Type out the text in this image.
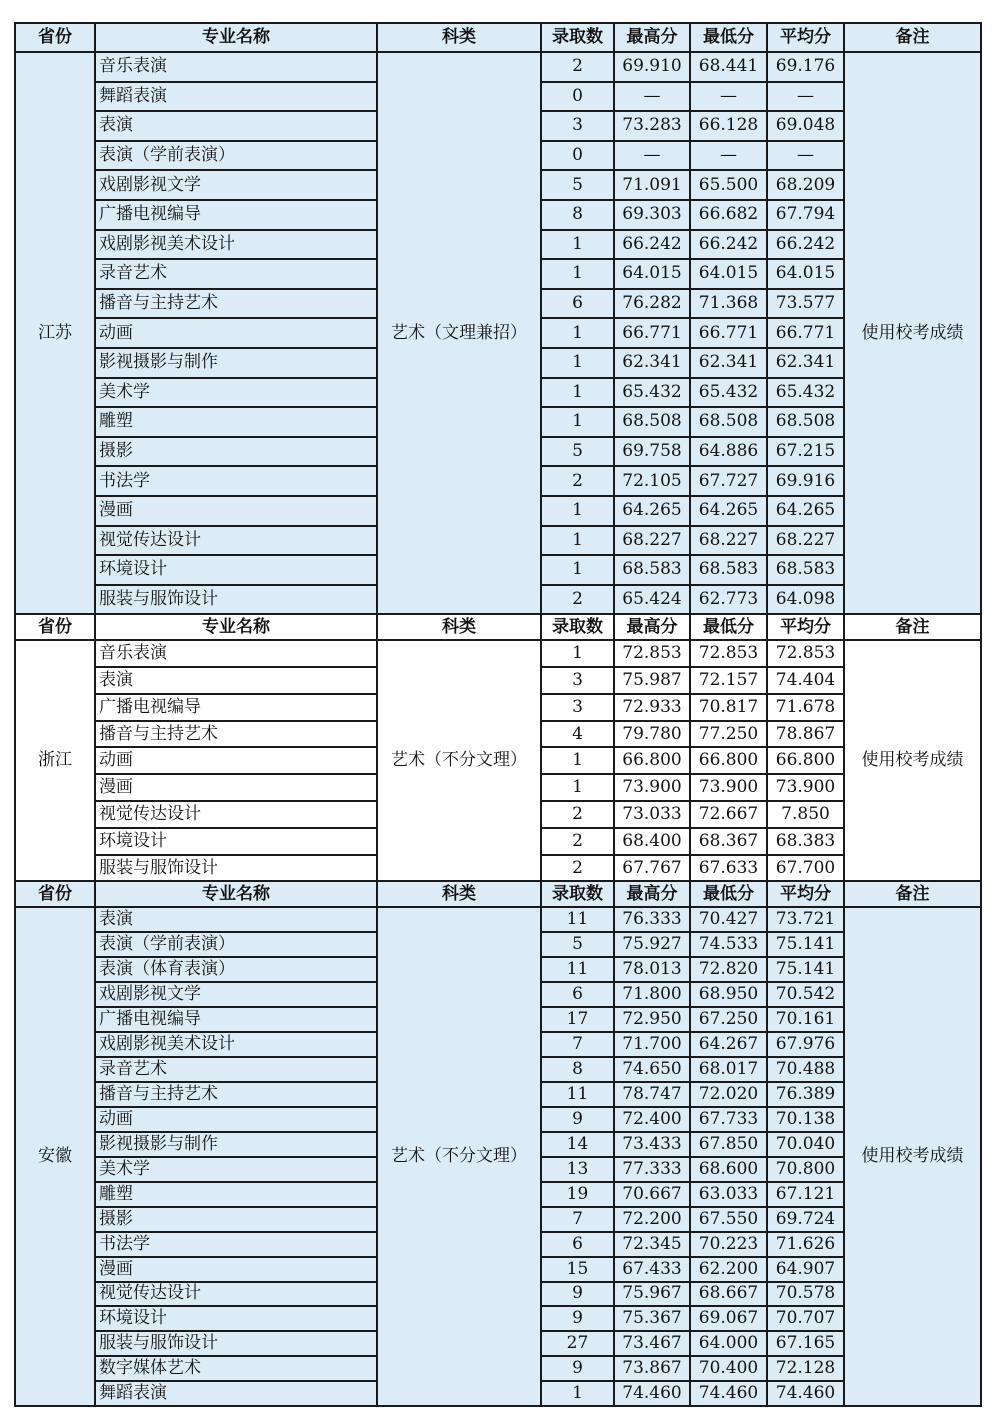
省份	专业名称	科类	录取数	最高分	最低分	平均分	备注
江苏	音乐表演	艺术（文理兼招）	2	69.910	68.441	69.176	使用校考成绩
	舞蹈表演		0	—	—	—	
	表演		3	73.283	66.128	69.048	
	表演（学前表演）		0	—	—	—	
	戏剧影视文学		5	71.091	65.500	68.209	
	广播电视编导		8	69.303	66.682	67.794	
	戏剧影视美术设计		1	66.242	66.242	66.242	
	录音艺术		1	64.015	64.015	64.015	
	播音与主持艺术		6	76.282	71.368	73.577	
	动画		1	66.771	66.771	66.771	
	影视摄影与制作		1	62.341	62.341	62.341	
	美术学		1	65.432	65.432	65.432	
	雕塑		1	68.508	68.508	68.508	
	摄影		5	69.758	64.886	67.215	
	书法学		2	72.105	67.727	69.916	
	漫画		1	64.265	64.265	64.265	
	视觉传达设计		1	68.227	68.227	68.227	
	环境设计		1	68.583	68.583	68.583	
	服装与服饰设计		2	65.424	62.773	64.098	
省份	专业名称	科类	录取数	最高分	最低分	平均分	备注
浙江	音乐表演	艺术（不分文理）	1	72.853	72.853	72.853	使用校考成绩
	表演		3	75.987	72.157	74.404	
	广播电视编导		3	72.933	70.817	71.678	
	播音与主持艺术		4	79.780	77.250	78.867	
	动画		1	66.800	66.800	66.800	
	漫画		1	73.900	73.900	73.900	
	视觉传达设计		2	73.033	72.667	7.850	
	环境设计		2	68.400	68.367	68.383	
	服装与服饰设计		2	67.767	67.633	67.700	
省份	专业名称	科类	录取数	最高分	最低分	平均分	备注
安徽	表演	艺术（不分文理）	11	76.333	70.427	73.721	使用校考成绩
	表演（学前表演）		5	75.927	74.533	75.141	
	表演（体育表演）		11	78.013	72.820	75.141	
	戏剧影视文学		6	71.800	68.950	70.542	
	广播电视编导		17	72.950	67.250	70.161	
	戏剧影视美术设计		7	71.700	64.267	67.976	
	录音艺术		8	74.650	68.017	70.488	
	播音与主持艺术		11	78.747	72.020	76.389	
	动画		9	72.400	67.733	70.138	
	影视摄影与制作		14	73.433	67.850	70.040	
	美术学		13	77.333	68.600	70.800	
	雕塑		19	70.667	63.033	67.121	
	摄影		7	72.200	67.550	69.724	
	书法学		6	72.345	70.223	71.626	
	漫画		15	67.433	62.200	64.907	
	视觉传达设计		9	75.967	68.667	70.578	
	环境设计		9	75.367	69.067	70.707	
	服装与服饰设计		27	73.467	64.000	67.165	
	数字媒体艺术		9	73.867	70.400	72.128	
	舞蹈表演		1	74.460	74.460	74.460	
